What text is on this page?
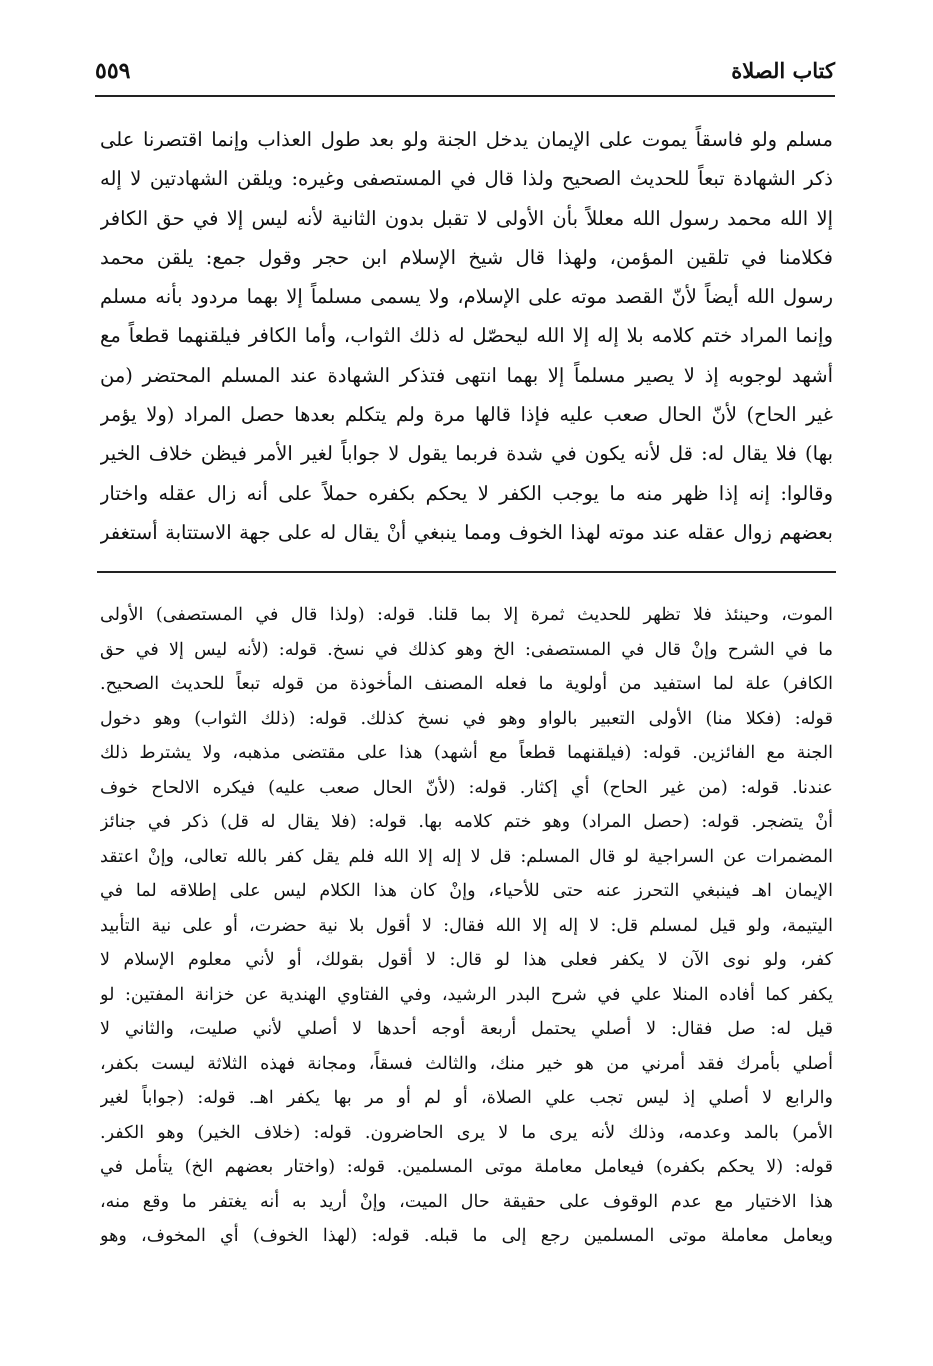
كتاب الصلاة
٥٥٩
مسلم ولو فاسقاً يموت على الإيمان يدخل الجنة ولو بعد طول العذاب وإنما اقتصرنا على
ذكر الشهادة تبعاً للحديث الصحيح ولذا قال في المستصفى وغيره: ويلقن الشهادتين لا إله
إلا الله محمد رسول الله معللاً بأن الأولى لا تقبل بدون الثانية لأنه ليس إلا في حق الكافر
فكلامنا في تلقين المؤمن، ولهذا قال شيخ الإسلام ابن حجر وقول جمع: يلقن محمد
رسول الله أيضاً لأنّ القصد موته على الإسلام، ولا يسمى مسلماً إلا بهما مردود بأنه مسلم
وإنما المراد ختم كلامه بلا إله إلا الله ليحصّل له ذلك الثواب، وأما الكافر فيلقنهما قطعاً مع
أشهد لوجوبه إذ لا يصير مسلماً إلا بهما انتهى فتذكر الشهادة عند المسلم المحتضر (من
غير الحاح) لأنّ الحال صعب عليه فإذا قالها مرة ولم يتكلم بعدها حصل المراد (ولا يؤمر
بها) فلا يقال له: قل لأنه يكون في شدة فربما يقول لا جواباً لغير الأمر فيظن خلاف الخير
وقالوا: إنه إذا ظهر منه ما يوجب الكفر لا يحكم بكفره حملاً على أنه زال عقله واختار
بعضهم زوال عقله عند موته لهذا الخوف ومما ينبغي أنْ يقال له على جهة الاستتابة أستغفر
الموت، وحينئذ فلا تظهر للحديث ثمرة إلا بما قلنا. قوله: (ولذا قال في المستصفى) الأولى
ما في الشرح وإنْ قال في المستصفى: الخ وهو كذلك في نسخ. قوله: (لأنه ليس إلا في حق
الكافر) علة لما استفيد من أولوية ما فعله المصنف المأخوذة من قوله تبعاً للحديث الصحيح.
قوله: (فكلا منا) الأولى التعبير بالواو وهو في نسخ كذلك. قوله: (ذلك الثواب) وهو دخول
الجنة مع الفائزين. قوله: (فيلقنهما قطعاً مع أشهد) هذا على مقتضى مذهبه، ولا يشترط ذلك
عندنا. قوله: (من غير الحاح) أي إكثار. قوله: (لأنّ الحال صعب عليه) فيكره الالحاح خوف
أنْ يتضجر. قوله: (حصل المراد) وهو ختم كلامه بها. قوله: (فلا يقال له قل) ذكر في جنائز
المضمرات عن السراجية لو قال المسلم: قل لا إله إلا الله فلم يقل كفر بالله تعالى، وإنْ اعتقد
الإيمان اهـ فينبغي التحرز عنه حتى للأحياء، وإنْ كان هذا الكلام ليس على إطلاقه لما في
اليتيمة، ولو قيل لمسلم قل: لا إله إلا الله فقال: لا أقول بلا نية حضرت، أو على نية التأبيد
كفر، ولو نوى الآن لا يكفر فعلى هذا لو قال: لا أقول بقولك، أو لأني معلوم الإسلام لا
يكفر كما أفاده المنلا علي في شرح البدر الرشيد، وفي الفتاوي الهندية عن خزانة المفتين: لو
قيل له: صل فقال: لا أصلي يحتمل أربعة أوجه أحدها لا أصلي لأني صليت، والثاني لا
أصلي بأمرك فقد أمرني من هو خير منك، والثالث فسقاً، ومجانة فهذه الثلاثة ليست بكفر،
والرابع لا أصلي إذ ليس تجب علي الصلاة، أو لم أو مر بها يكفر اهـ. قوله: (جواباً لغير
الأمر) بالمد وعدمه، وذلك لأنه يرى ما لا يرى الحاضرون. قوله: (خلاف الخير) وهو الكفر.
قوله: (لا يحكم بكفره) فيعامل معاملة موتى المسلمين. قوله: (واختار بعضهم الخ) يتأمل في
هذا الاختيار مع عدم الوقوف على حقيقة حال الميت، وإنْ أريد به أنه يغتفر ما وقع منه،
ويعامل معاملة موتى المسلمين رجع إلى ما قبله. قوله: (لهذا الخوف) أي المخوف، وهو
